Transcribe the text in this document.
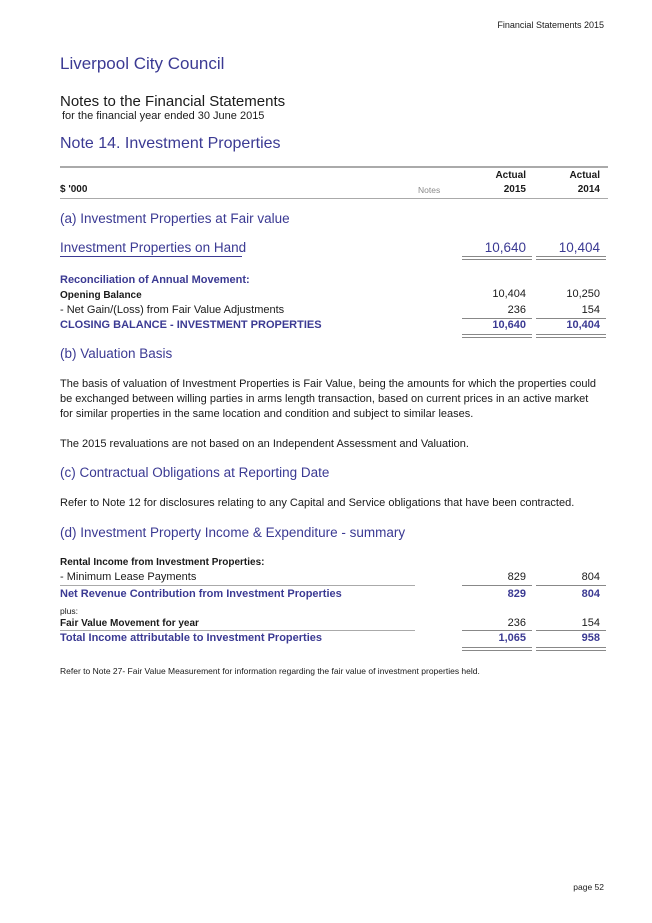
Financial Statements 2015
Liverpool City Council
Notes to the Financial Statements
for the financial year ended 30 June 2015
Note 14. Investment Properties
Actual	Actual
$ '000	Notes	2015	2014
(a) Investment Properties at Fair value
Investment Properties on Hand	10,640	10,404
Reconciliation of Annual Movement:
Opening Balance	10,404	10,250
- Net Gain/(Loss) from Fair Value Adjustments	236	154
CLOSING BALANCE - INVESTMENT PROPERTIES	10,640	10,404
(b) Valuation Basis
The basis of valuation of Investment Properties is Fair Value, being the amounts for which the properties could be exchanged between willing parties in arms length transaction, based on current prices in an active market for similar properties in the same location and condition and subject to similar leases.
The 2015 revaluations are not based on an Independent Assessment and Valuation.
(c) Contractual Obligations at Reporting Date
Refer to Note 12 for disclosures relating to any Capital and Service obligations that have been contracted.
(d) Investment Property Income & Expenditure - summary
Rental Income from Investment Properties:
- Minimum Lease Payments	829	804
Net Revenue Contribution from Investment Properties	829	804
plus:
Fair Value Movement for year	236	154
Total Income attributable to Investment Properties	1,065	958
Refer to Note 27- Fair Value Measurement for information regarding the fair value of investment properties held.
page 52
